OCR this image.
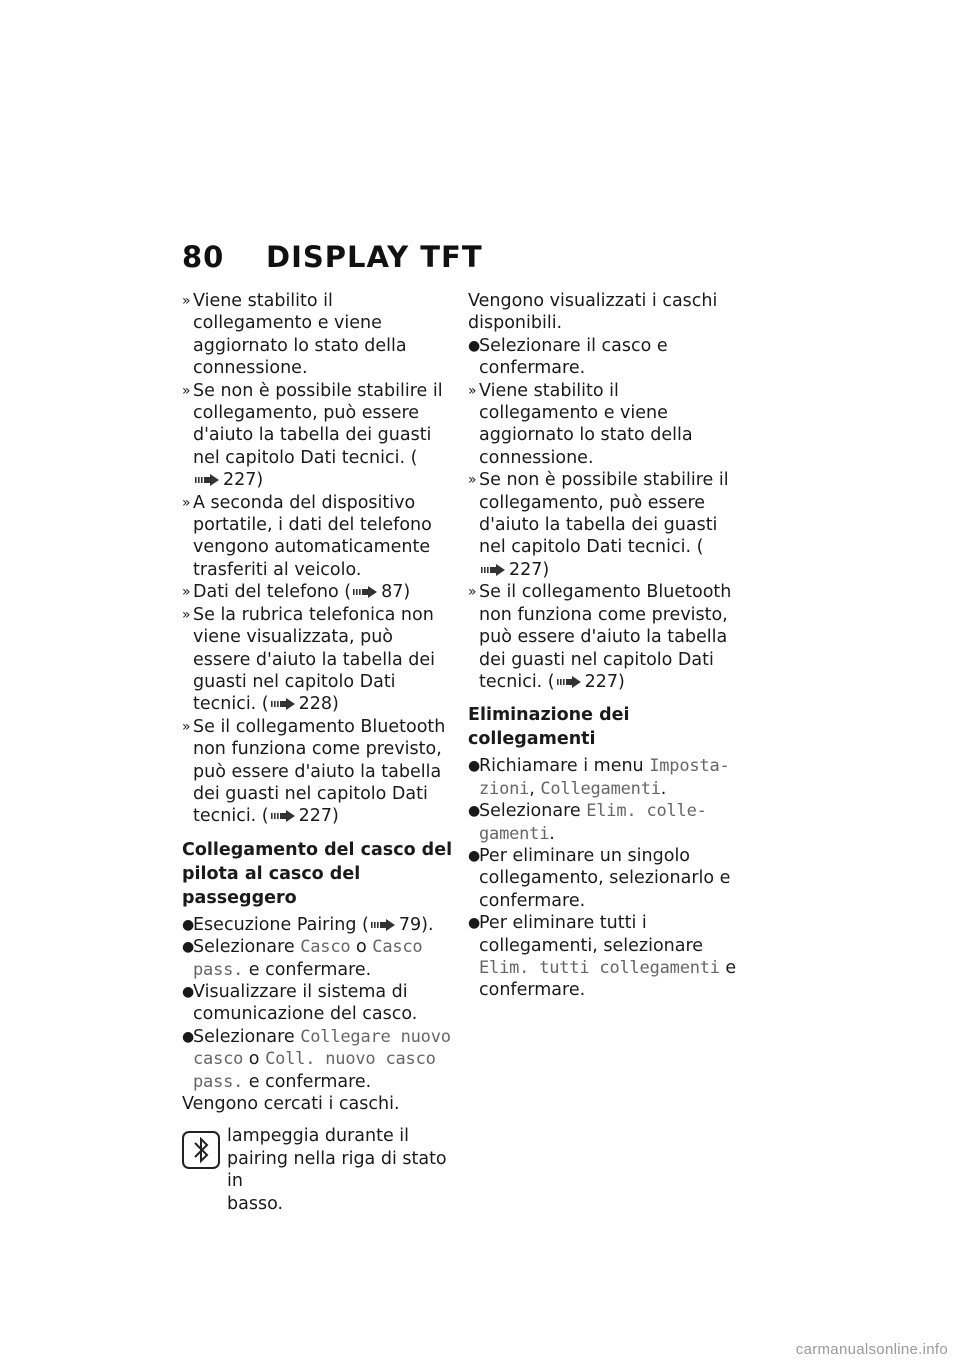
80 DISPLAY TFT
» Viene stabilito il collegamento e viene aggiornato lo stato della connessione.
» Se non è possibile stabilire il collegamento, può essere d'aiuto la tabella dei guasti nel capitolo Dati tecnici. (227)
» A seconda del dispositivo portatile, i dati del telefono vengono automaticamente trasferiti al veicolo.
» Dati del telefono ( 87)
» Se la rubrica telefonica non viene visualizzata, può essere d'aiuto la tabella dei guasti nel capitolo Dati tecnici. ( 228)
» Se il collegamento Bluetooth non funziona come previsto, può essere d'aiuto la tabella dei guasti nel capitolo Dati tecnici. ( 227)
Collegamento del casco del pilota al casco del passeggero
●
Esecuzione Pairing ( 79).
●
Selezionare Casco o Casco pass. e confermare.
●
Visualizzare il sistema di comunicazione del casco.
●
Selezionare Collegare nuovo casco o Coll. nuovo casco pass. e confermare.

Vengono cercati i caschi.

lampeggia durante il pairing nella riga di stato in

basso.

Vengono visualizzati i caschi disponibili.

●
Selezionare il casco e confermare.
» Viene stabilito il collegamento e viene aggiornato lo stato della connessione.
» Se non è possibile stabilire il collegamento, può essere d'aiuto la tabella dei guasti nel capitolo Dati tecnici. (227)
» Se il collegamento Bluetooth non funziona come previsto, può essere d'aiuto la tabella dei guasti nel capitolo Dati tecnici. ( 227)
Eliminazione dei collegamenti
●
Richiamare i menu Imposta-zioni, Collegamenti.
●
Selezionare Elim. colle-gamenti.
●
Per eliminare un singolo collegamento, selezionarlo e confermare.
●
Per eliminare tutti i collegamenti, selezionare Elim. tutti collegamenti e confermare.
carmanualsonline.info
